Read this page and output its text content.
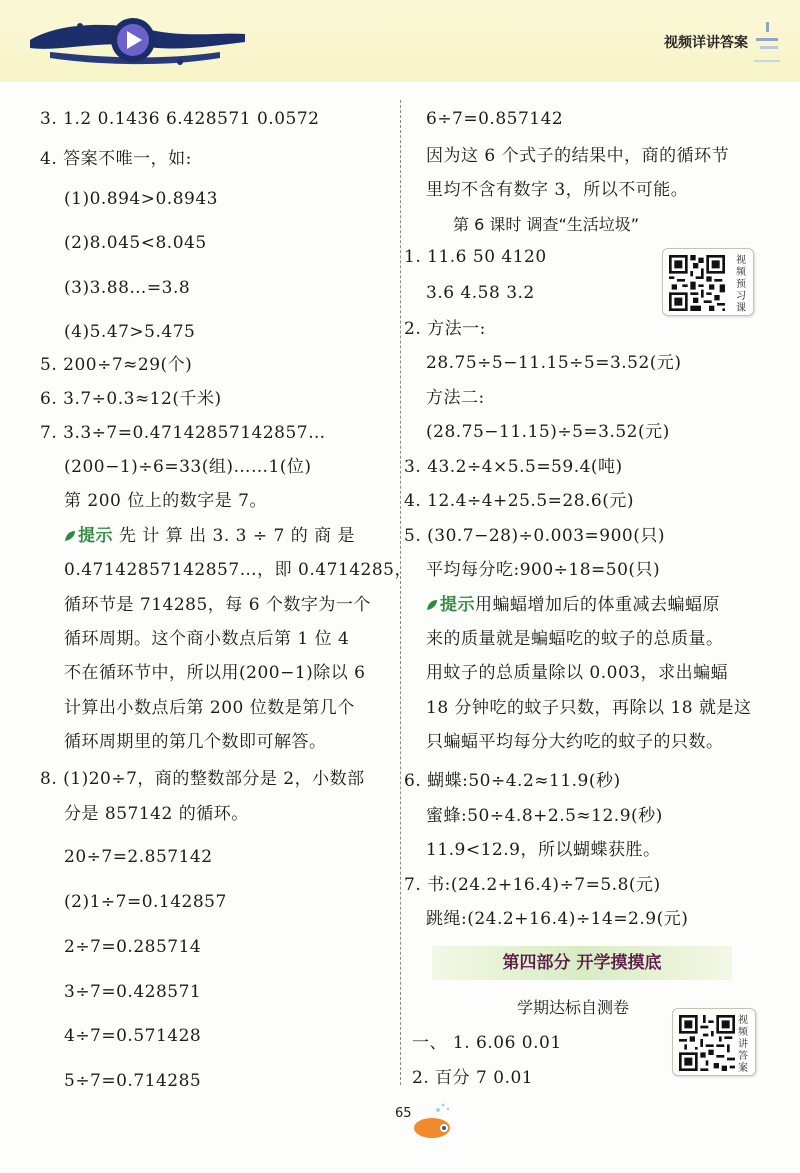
视频详讲答案
3. 1.2 0.1436 6.428571 0.0572
4. 答案不唯一，如:
(1)0.894>0.8943
(2)8.045<8.045
(3)3.88…=3.8
(4)5.47>5.475
5. 200÷7≈29(个)
6. 3.7÷0.3≈12(千米)
7. 3.3÷7=0.47142857142857…
(200−1)÷6=33(组)……1(位)
第 200 位上的数字是 7。
提示 先 计 算 出 3. 3 ÷ 7 的 商 是
0.47142857142857…，即 0.4714285，
循环节是 714285，每 6 个数字为一个
循环周期。这个商小数点后第 1 位 4
不在循环节中，所以用(200−1)除以 6
计算出小数点后第 200 位数是第几个
循环周期里的第几个数即可解答。
8. (1)20÷7，商的整数部分是 2，小数部
分是 857142 的循环。
20÷7=2.857142
(2)1÷7=0.142857
2÷7=0.285714
3÷7=0.428571
4÷7=0.571428
5÷7=0.714285
6÷7=0.857142
因为这 6 个式子的结果中，商的循环节
里均不含有数字 3，所以不可能。
第 6 课时 调查“生活垃圾”
1. 11.6 50 4120
3.6 4.58 3.2
视频预习课
2. 方法一:
28.75÷5−11.15÷5=3.52(元)
方法二:
(28.75−11.15)÷5=3.52(元)
3. 43.2÷4×5.5=59.4(吨)
4. 12.4÷4+25.5=28.6(元)
5. (30.7−28)÷0.003=900(只)
平均每分吃:900÷18=50(只)
提示用蝙蝠增加后的体重减去蝙蝠原
来的质量就是蝙蝠吃的蚊子的总质量。
用蚊子的总质量除以 0.003，求出蝙蝠
18 分钟吃的蚊子只数，再除以 18 就是这
只蝙蝠平均每分大约吃的蚊子的只数。
6. 蝴蝶:50÷4.2≈11.9(秒)
蜜蜂:50÷4.8+2.5≈12.9(秒)
11.9<12.9，所以蝴蝶获胜。
7. 书:(24.2+16.4)÷7=5.8(元)
跳绳:(24.2+16.4)÷14=2.9(元)
第四部分 开学摸摸底
学期达标自测卷
视频讲答案
一、 1. 6.06 0.01
2. 百分 7 0.01
65
